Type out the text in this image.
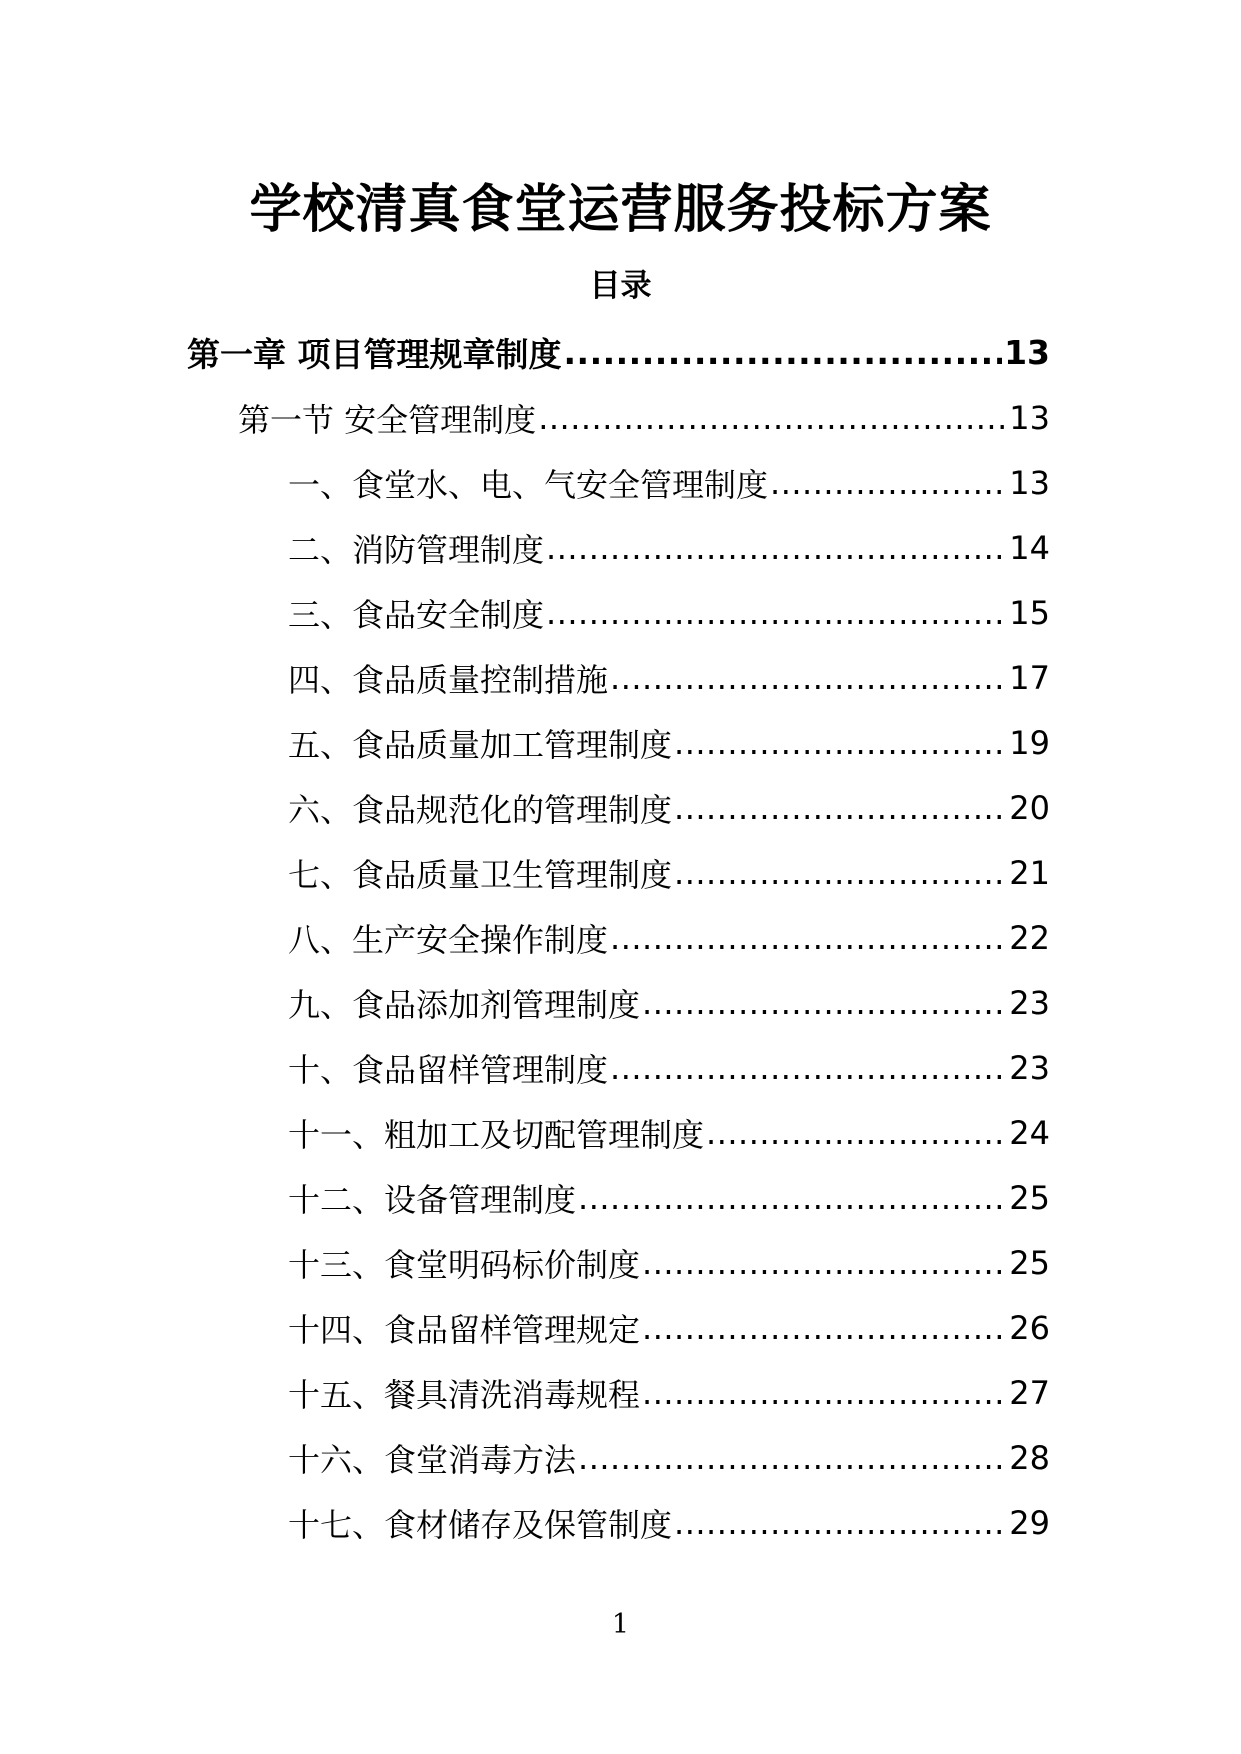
学校清真食堂运营服务投标方案
目录
第一章 项目管理规章制度 .....	13
第一节 安全管理制度 .....	13
一、食堂水、电、气安全管理制度 .....	13
二、消防管理制度 .....	14
三、食品安全制度 .....	15
四、食品质量控制措施 .....	17
五、食品质量加工管理制度 .....	19
六、食品规范化的管理制度 .....	20
七、食品质量卫生管理制度 .....	21
八、生产安全操作制度 .....	22
九、食品添加剂管理制度 .....	23
十、食品留样管理制度 .....	23
十一、粗加工及切配管理制度 .....	24
十二、设备管理制度 .....	25
十三、食堂明码标价制度 .....	25
十四、食品留样管理规定 .....	26
十五、餐具清洗消毒规程 .....	27
十六、食堂消毒方法 .....	28
十七、食材储存及保管制度 .....	29
1
